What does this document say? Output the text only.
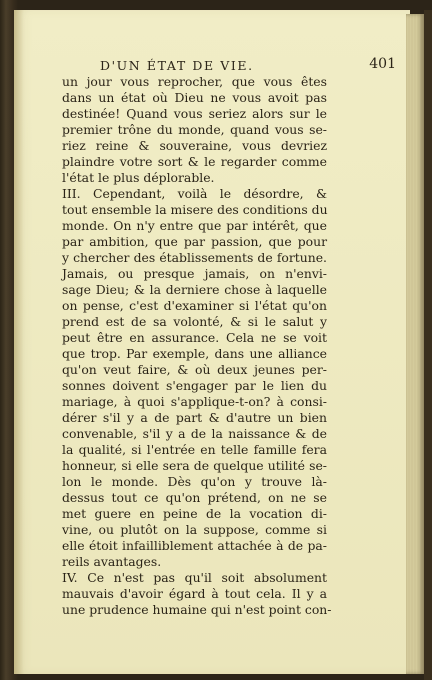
D'UN ÉTAT DE VIE.	401
un jour vous reprocher, que vous êtes
dans un état où Dieu ne vous avoit pas
destinée! Quand vous seriez alors sur le
premier trône du monde, quand vous se-
riez reine & souveraine, vous devriez
plaindre votre sort & le regarder comme
l'état le plus déplorable.
III. Cependant, voilà le désordre, &
tout ensemble la misere des conditions du
monde. On n'y entre que par intérêt, que
par ambition, que par passion, que pour
y chercher des établissements de fortune.
Jamais, ou presque jamais, on n'envi-
sage Dieu; & la derniere chose à laquelle
on pense, c'est d'examiner si l'état qu'on
prend est de sa volonté, & si le salut y
peut être en assurance. Cela ne se voit
que trop. Par exemple, dans une alliance
qu'on veut faire, & où deux jeunes per-
sonnes doivent s'engager par le lien du
mariage, à quoi s'applique-t-on? à consi-
dérer s'il y a de part & d'autre un bien
convenable, s'il y a de la naissance & de
la qualité, si l'entrée en telle famille fera
honneur, si elle sera de quelque utilité se-
lon le monde. Dès qu'on y trouve là-
dessus tout ce qu'on prétend, on ne se
met guere en peine de la vocation di-
vine, ou plutôt on la suppose, comme si
elle étoit infailliblement attachée à de pa-
reils avantages.
IV. Ce n'est pas qu'il soit absolument
mauvais d'avoir égard à tout cela. Il y a
une prudence humaine qui n'est point con-
